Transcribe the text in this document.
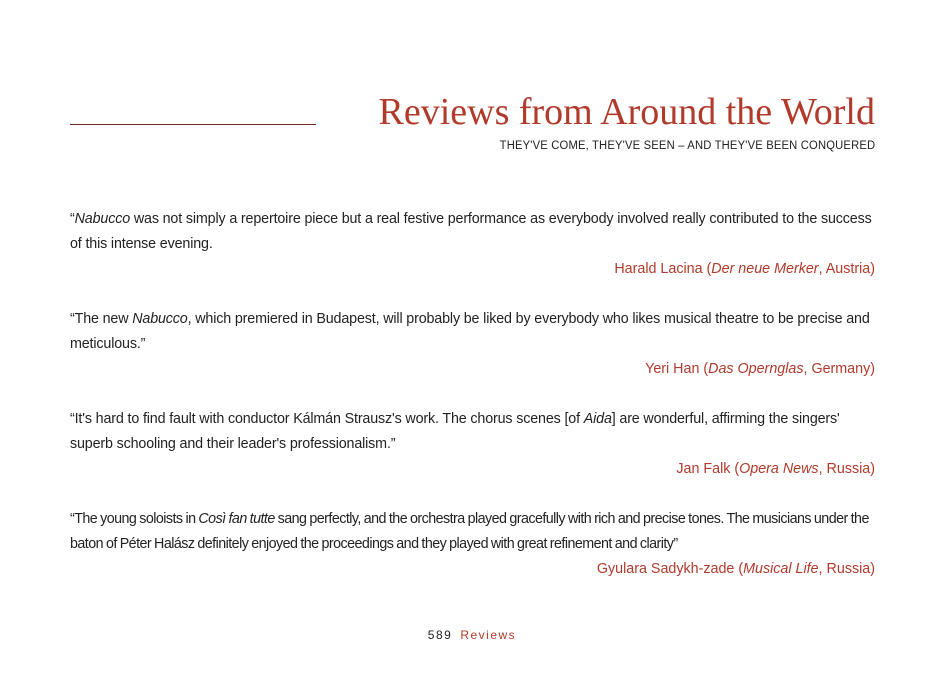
Reviews from Around the World

THEY'VE COME, THEY'VE SEEN – AND THEY'VE BEEN CONQUERED

“Nabucco was not simply a repertoire piece but a real festive performance as everybody involved really contributed to the success of this intense evening.

Harald Lacina (Der neue Merker, Austria)

“The new Nabucco, which premiered in Budapest, will probably be liked by everybody who likes musical theatre to be precise and meticulous.”

Yeri Han (Das Opernglas, Germany)

“It's hard to find fault with conductor Kálmán Strausz's work. The chorus scenes [of Aida] are wonderful, affirming the singers' superb schooling and their leader's professionalism.”

Jan Falk (Opera News, Russia)

“The young soloists in Così fan tutte sang perfectly, and the orchestra played gracefully with rich and precise tones. The musicians under the baton of Péter Halász definitely enjoyed the proceedings and they played with great refinement and clarity”

Gyulara Sadykh-zade (Musical Life, Russia)

589 Reviews
